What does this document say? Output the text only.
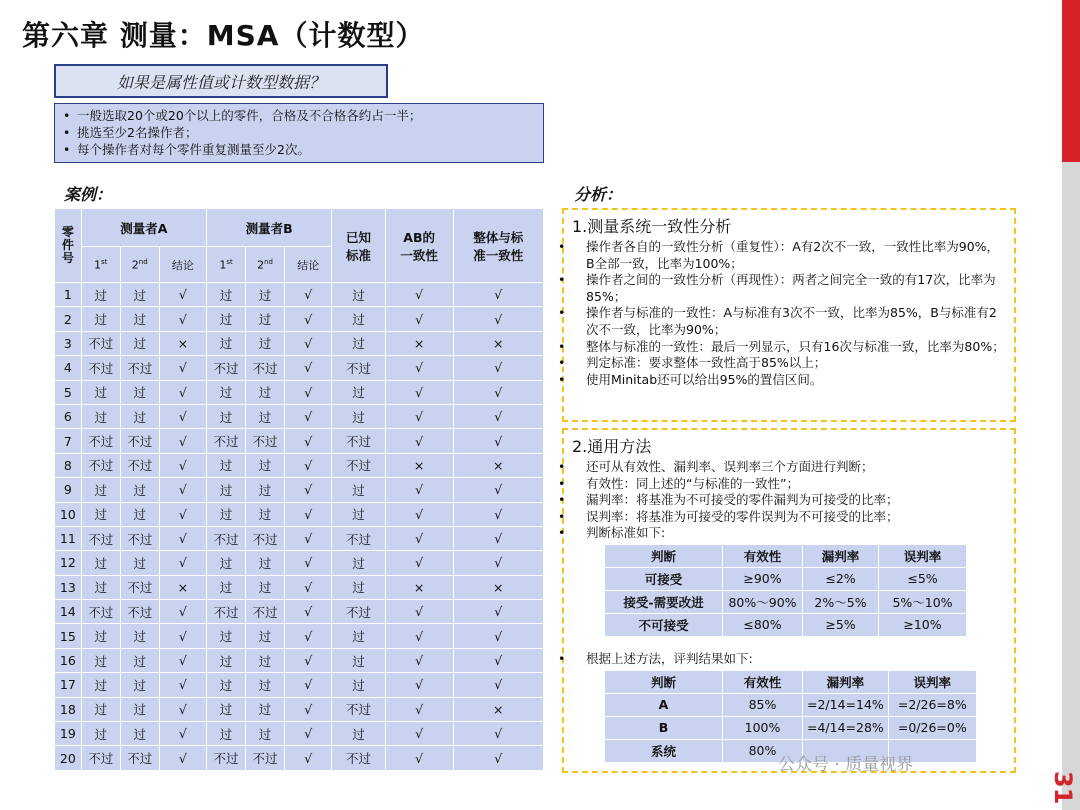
第六章 测量：MSA（计数型）
31
如果是属性值或计数型数据？
• 一般选取20个或20个以上的零件，合格及不合格各约占一半；
• 挑选至少2名操作者；
• 每个操作者对每个零件重复测量至少2次。
案例：	分析：
零件号	测量者A			测量者B			已知标准	AB的一致性	整体与标准一致性
	1st	2nd	结论	1st	2nd	结论			
1	过	过	√	过	过	√	过	√	√
2	过	过	√	过	过	√	过	√	√
3	不过	过	×	过	过	√	过	×	×
4	不过	不过	√	不过	不过	√	不过	√	√
5	过	过	√	过	过	√	过	√	√
6	过	过	√	过	过	√	过	√	√
7	不过	不过	√	不过	不过	√	不过	√	√
8	不过	不过	√	过	过	√	不过	×	×
9	过	过	√	过	过	√	过	√	√
10	过	过	√	过	过	√	过	√	√
11	不过	不过	√	不过	不过	√	不过	√	√
12	过	过	√	过	过	√	过	√	√
13	过	不过	×	过	过	√	过	×	×
14	不过	不过	√	不过	不过	√	不过	√	√
15	过	过	√	过	过	√	过	√	√
16	过	过	√	过	过	√	过	√	√
17	过	过	√	过	过	√	过	√	√
18	过	过	√	过	过	√	不过	√	×
19	过	过	√	过	过	√	过	√	√
20	不过	不过	√	不过	不过	√	不过	√	√
1.测量系统一致性分析
• 操作者各自的一致性分析（重复性）：A有2次不一致，一致性比率为90%，B全部一致，比率为100%；
• 操作者之间的一致性分析（再现性）：两者之间完全一致的有17次，比率为85%；
• 操作者与标准的一致性：A与标准有3次不一致，比率为85%，B与标准有2次不一致，比率为90%；
• 整体与标准的一致性：最后一列显示，只有16次与标准一致，比率为80%；
• 判定标准：要求整体一致性高于85%以上；
• 使用Minitab还可以给出95%的置信区间。
2.通用方法
• 还可从有效性、漏判率、误判率三个方面进行判断；
• 有效性：同上述的“与标准的一致性”；
• 漏判率：将基准为不可接受的零件漏判为可接受的比率；
• 误判率：将基准为可接受的零件误判为不可接受的比率；
• 判断标准如下:
判断	有效性	漏判率	误判率
可接受	≥90%	≤2%	≤5%
接受-需要改进	80%～90%	2%～5%	5%～10%
不可接受	≤80%	≥5%	≥10%
• 根据上述方法，评判结果如下:
判断	有效性	漏判率	误判率
A	85%	=2/14=14%	=2/26=8%
B	100%	=4/14=28%	=0/26=0%
系统	80%		
公众号 · 质量视界
